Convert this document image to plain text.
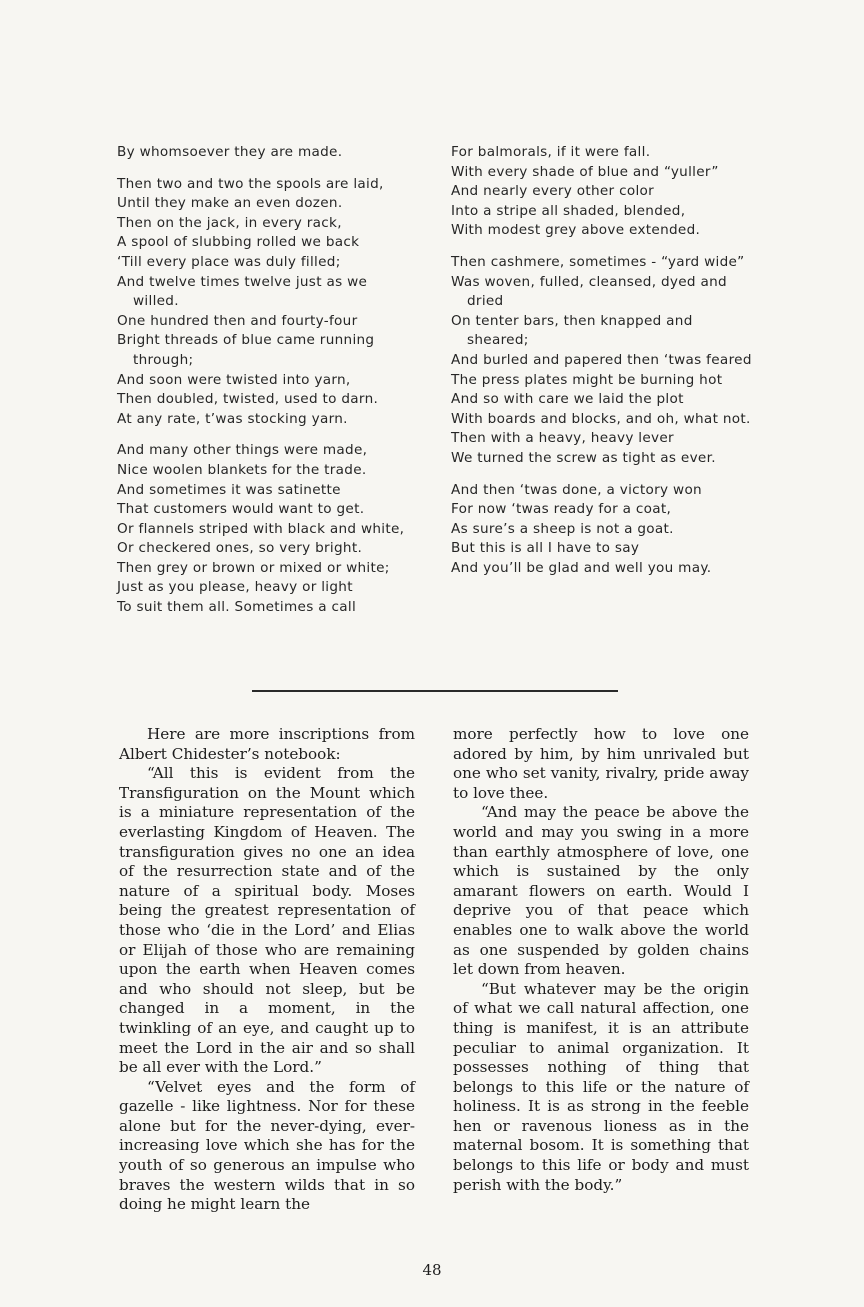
By whomsoever they are made.

Then two and two the spools are laid,

Until they make an even dozen.

Then on the jack, in every rack,

A spool of slubbing rolled we back

‘Till every place was duly filled;

And twelve times twelve just as we willed.

One hundred then and fourty-four

Bright threads of blue came running through;

And soon were twisted into yarn,

Then doubled, twisted, used to darn.

At any rate, t’was stocking yarn.

And many other things were made,

Nice woolen blankets for the trade.

And sometimes it was satinette

That customers would want to get.

Or flannels striped with black and white,

Or checkered ones, so very bright.

Then grey or brown or mixed or white;

Just as you please, heavy or light

To suit them all. Sometimes a call

For balmorals, if it were fall.

With every shade of blue and “yuller”

And nearly every other color

Into a stripe all shaded, blended,

With modest grey above extended.

Then cashmere, sometimes - “yard wide”

Was woven, fulled, cleansed, dyed and dried

On tenter bars, then knapped and sheared;

And burled and papered then ‘twas feared

The press plates might be burning hot

And so with care we laid the plot

With boards and blocks, and oh, what not.

Then with a heavy, heavy lever

We turned the screw as tight as ever.

And then ‘twas done, a victory won

For now ‘twas ready for a coat,

As sure’s a sheep is not a goat.

But this is all I have to say

And you’ll be glad and well you may.

Here are more inscriptions from Albert Chidester’s notebook:

“All this is evident from the Transfiguration on the Mount which is a miniature representation of the everlasting Kingdom of Heaven. The transfiguration gives no one an idea of the resurrection state and of the nature of a spiritual body. Moses being the greatest representation of those who ‘die in the Lord’ and Elias or Elijah of those who are remaining upon the earth when Heaven comes and who should not sleep, but be changed in a moment, in the twinkling of an eye, and caught up to meet the Lord in the air and so shall be all ever with the Lord.”

“Velvet eyes and the form of gazelle - like lightness. Nor for these alone but for the never-dying, ever-increasing love which she has for the youth of so generous an impulse who braves the western wilds that in so doing he might learn the

more perfectly how to love one adored by him, by him unrivaled but one who set vanity, rivalry, pride away to love thee.

“And may the peace be above the world and may you swing in a more than earthly atmosphere of love, one which is sustained by the only amarant flowers on earth. Would I deprive you of that peace which enables one to walk above the world as one suspended by golden chains let down from heaven.

“But whatever may be the origin of what we call natural affection, one thing is manifest, it is an attribute peculiar to animal organization. It possesses nothing of thing that belongs to this life or the nature of holiness. It is as strong in the feeble hen or ravenous lioness as in the maternal bosom. It is something that belongs to this life or body and must perish with the body.”

48
